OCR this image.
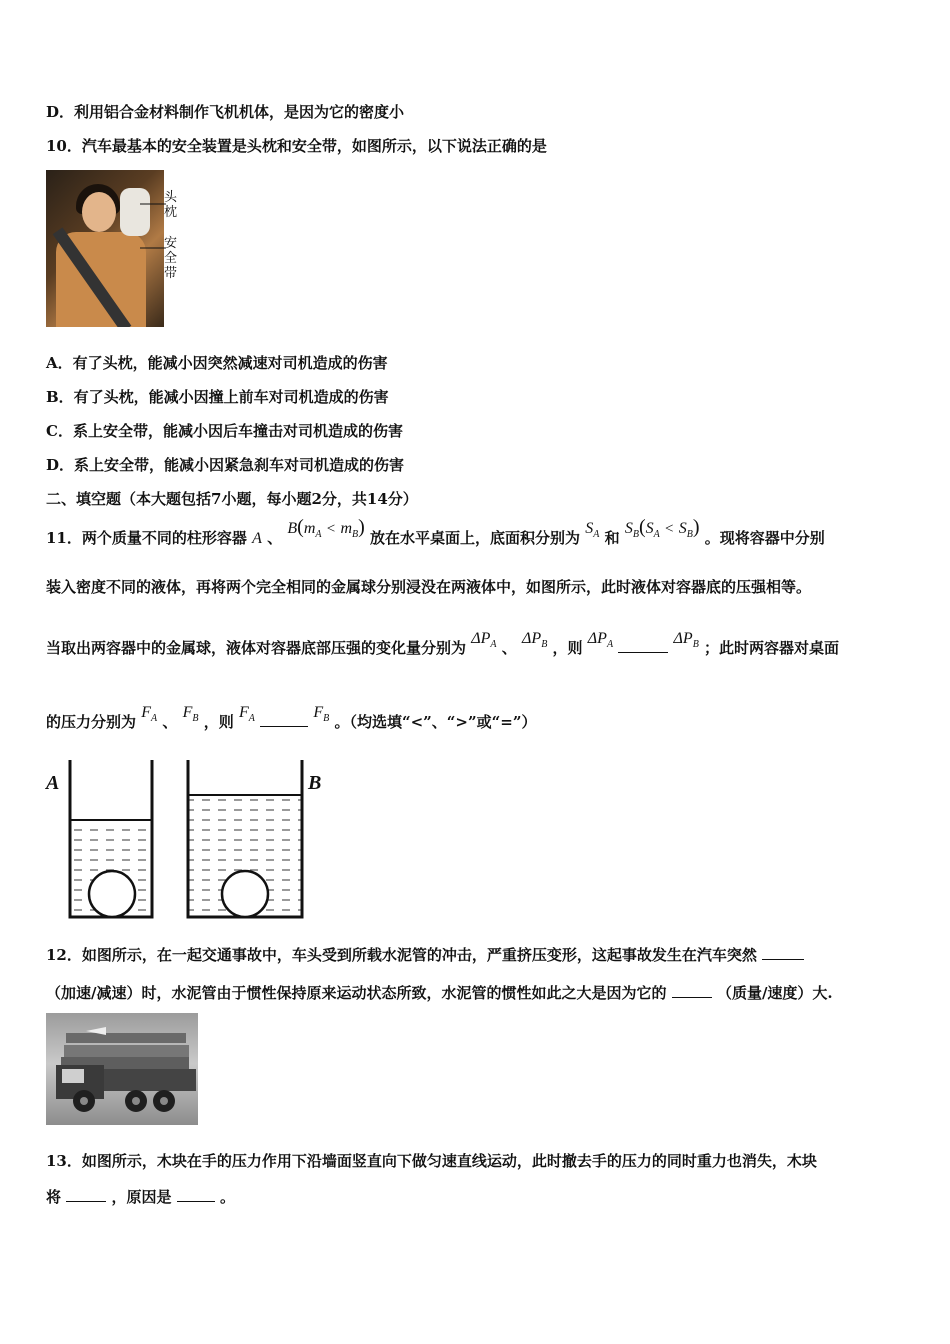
D．利用铝合金材料制作飞机机体，是因为它的密度小
10．汽车最基本的安全装置是头枕和安全带，如图所示，以下说法正确的是
头枕
安全带
A．有了头枕，能减小因突然减速对司机造成的伤害
B．有了头枕，能减小因撞上前车对司机造成的伤害
C．系上安全带，能减小因后车撞击对司机造成的伤害
D．系上安全带，能减小因紧急刹车对司机造成的伤害
二、填空题（本大题包括7小题，每小题2分，共14分）
11．两个质量不同的柱形容器 A 、 $B(m_A < m_B)$ 放在水平桌面上，底面积分别为 $S_A$ 和 $S_B(S_A < S_B)$ 。现将容器中分别
装入密度不同的液体，再将两个完全相同的金属球分别浸没在两液体中，如图所示，此时液体对容器底的压强相等。
当取出两容器中的金属球，液体对容器底部压强的变化量分别为 $\Delta P_A$ 、 $\Delta P_B$ ，则 $\Delta P_A$	$\Delta P_B$ ；此时两容器对桌面
的压力分别为 $F_A$ 、 $F_B$ ，则 $F_A$	$F_B$ 。（均选填“<”、“>”或“=”）
A	B
12．如图所示，在一起交通事故中，车头受到所载水泥管的冲击，严重挤压变形，这起事故发生在汽车突然
（加速/减速）时，水泥管由于惯性保持原来运动状态所致，水泥管的惯性如此之大是因为它的	（质量/速度）大.
13．如图所示，木块在手的压力作用下沿墙面竖直向下做匀速直线运动，此时撤去手的压力的同时重力也消失，木块
将	，原因是	。
